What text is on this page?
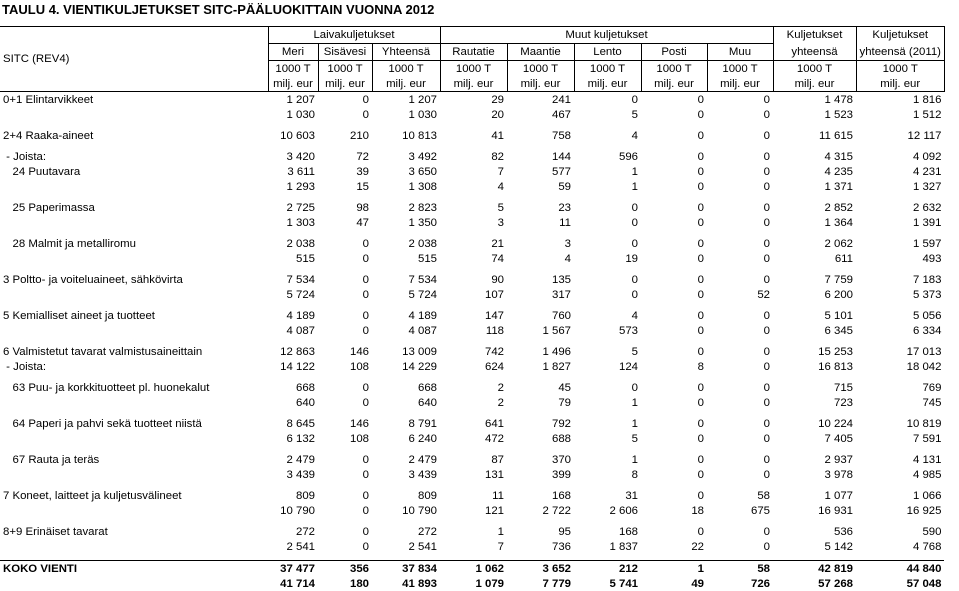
TAULU 4. VIENTIKULJETUKSET SITC-PÄÄLUOKITTAIN VUONNA 2012
SITC (REV4)	Laivakuljetukset			Muut kuljetukset					Kuljetukset	Kuljetukset
	Meri	Sisävesi	Yhteensä	Rautatie	Maantie	Lento	Posti	Muu	yhteensä	yhteensä (2011)
	1000 T	1000 T	1000 T	1000 T	1000 T	1000 T	1000 T	1000 T	1000 T	1000 T
	milj. eur	milj. eur	milj. eur	milj. eur	milj. eur	milj. eur	milj. eur	milj. eur	milj. eur	milj. eur
0+1 Elintarvikkeet	1 207	0	1 207	29	241	0	0	0	1 478	1 816
	1 030	0	1 030	20	467	5	0	0	1 523	1 512

2+4 Raaka-aineet	10 603	210	10 813	41	758	4	0	0	11 615	12 117

- Joista:	3 420	72	3 492	82	144	596	0	0	4 315	4 092
24 Puutavara	3 611	39	3 650	7	577	1	0	0	4 235	4 231
	1 293	15	1 308	4	59	1	0	0	1 371	1 327

25 Paperimassa	2 725	98	2 823	5	23	0	0	0	2 852	2 632
	1 303	47	1 350	3	11	0	0	0	1 364	1 391

28 Malmit ja metalliromu	2 038	0	2 038	21	3	0	0	0	2 062	1 597
	515	0	515	74	4	19	0	0	611	493

3 Poltto- ja voiteluaineet, sähkövirta	7 534	0	7 534	90	135	0	0	0	7 759	7 183
	5 724	0	5 724	107	317	0	0	52	6 200	5 373

5 Kemialliset aineet ja tuotteet	4 189	0	4 189	147	760	4	0	0	5 101	5 056
	4 087	0	4 087	118	1 567	573	0	0	6 345	6 334

6 Valmistetut tavarat valmistusaineittain	12 863	146	13 009	742	1 496	5	0	0	15 253	17 013
- Joista:	14 122	108	14 229	624	1 827	124	8	0	16 813	18 042

63 Puu- ja korkkituotteet pl. huonekalut	668	0	668	2	45	0	0	0	715	769
	640	0	640	2	79	1	0	0	723	745

64 Paperi ja pahvi sekä tuotteet niistä	8 645	146	8 791	641	792	1	0	0	10 224	10 819
	6 132	108	6 240	472	688	5	0	0	7 405	7 591

67 Rauta ja teräs	2 479	0	2 479	87	370	1	0	0	2 937	4 131
	3 439	0	3 439	131	399	8	0	0	3 978	4 985

7 Koneet, laitteet ja kuljetusvälineet	809	0	809	11	168	31	0	58	1 077	1 066
	10 790	0	10 790	121	2 722	2 606	18	675	16 931	16 925

8+9 Erinäiset tavarat	272	0	272	1	95	168	0	0	536	590
	2 541	0	2 541	7	736	1 837	22	0	5 142	4 768

KOKO VIENTI	37 477	356	37 834	1 062	3 652	212	1	58	42 819	44 840
	41 714	180	41 893	1 079	7 779	5 741	49	726	57 268	57 048
